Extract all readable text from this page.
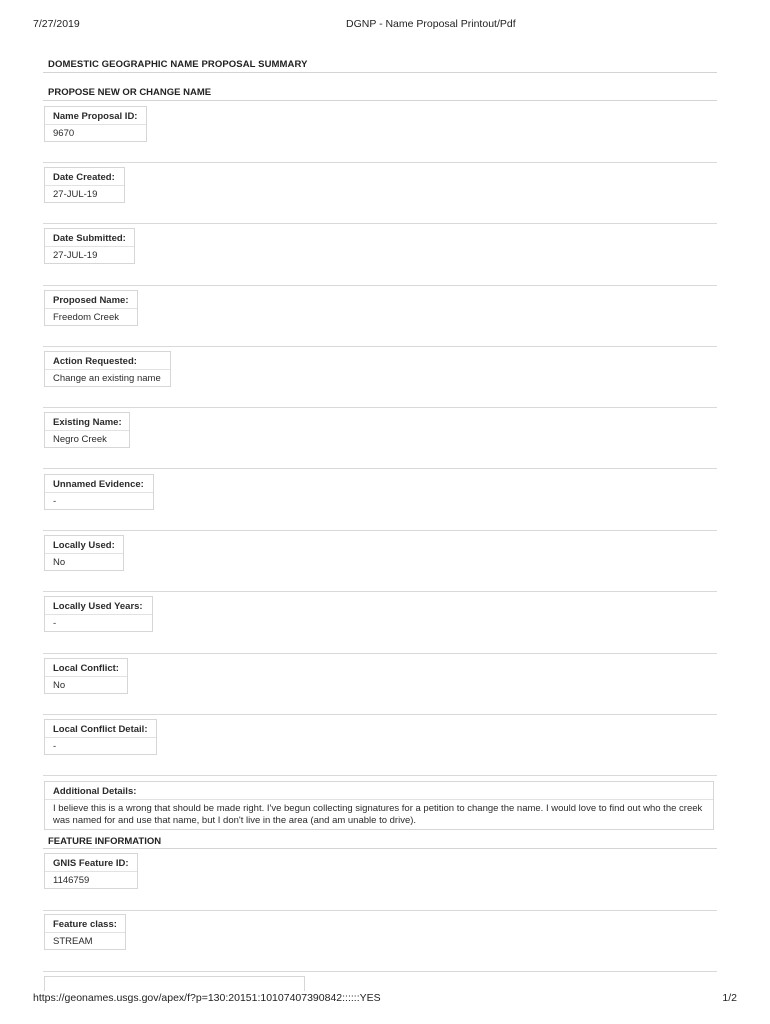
7/27/2019	DGNP - Name Proposal Printout/Pdf
DOMESTIC GEOGRAPHIC NAME PROPOSAL SUMMARY
PROPOSE NEW OR CHANGE NAME
Name Proposal ID:
9670
Date Created:
27-JUL-19
Date Submitted:
27-JUL-19
Proposed Name:
Freedom Creek
Action Requested:
Change an existing name
Existing Name:
Negro Creek
Unnamed Evidence:
-
Locally Used:
No
Locally Used Years:
-
Local Conflict:
No
Local Conflict Detail:
-
Additional Details:
I believe this is a wrong that should be made right. I've begun collecting signatures for a petition to change the name. I would love to find out who the creek was named for and use that name, but I don't live in the area (and am unable to drive).
FEATURE INFORMATION
GNIS Feature ID:
1146759
Feature class:
STREAM
https://geonames.usgs.gov/apex/f?p=130:20151:10107407390842::::::YES	1/2
